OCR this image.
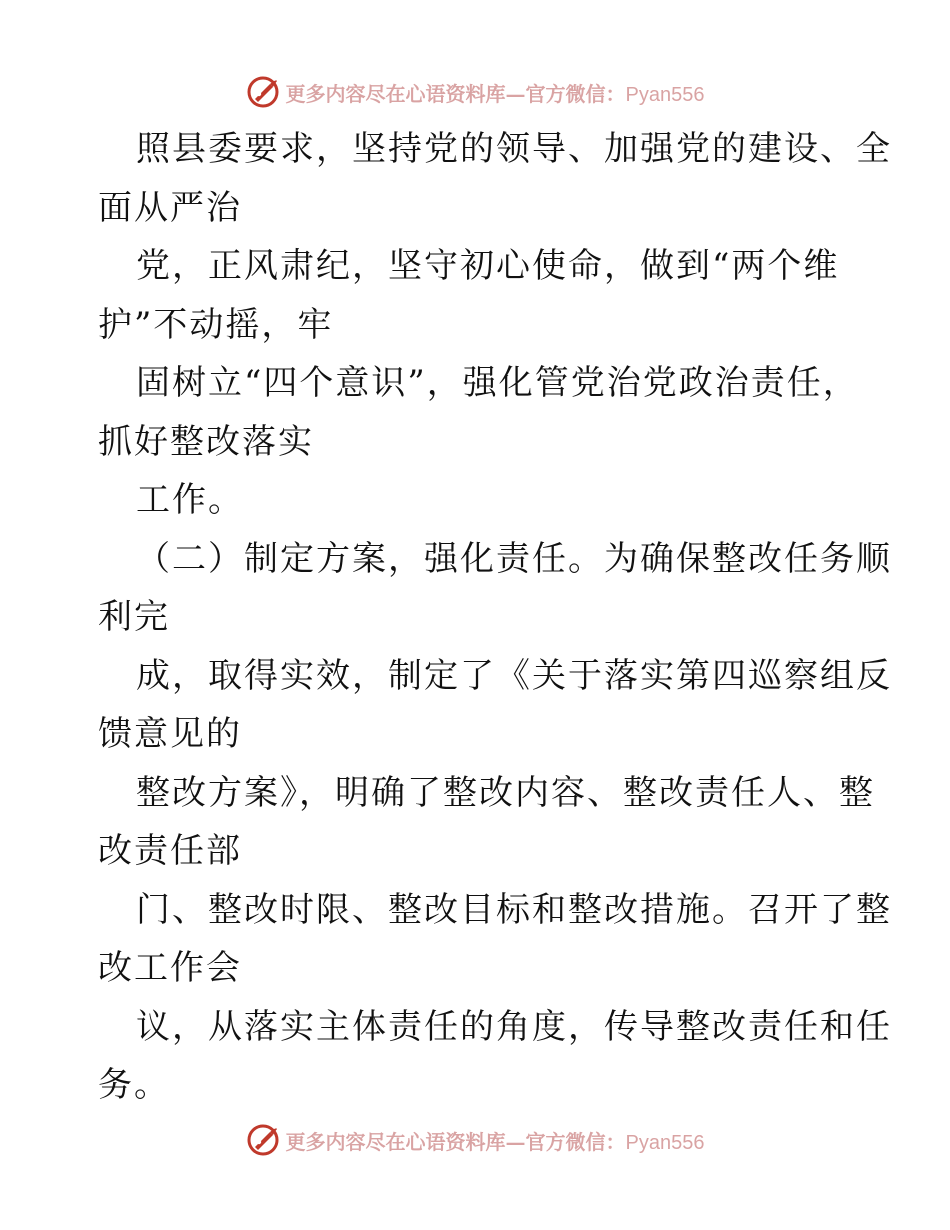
更多内容尽在心语资料库—官方微信：Pyan556
照县委要求，坚持党的领导、加强党的建设、全
面从严治
党，正风肃纪，坚守初心使命，做到“两个维
护”不动摇，牢
固树立“四个意识”，强化管党治党政治责任，
抓好整改落实
工作。
（二）制定方案，强化责任。为确保整改任务顺
利完
成，取得实效，制定了《关于落实第四巡察组反
馈意见的
整改方案》，明确了整改内容、整改责任人、整
改责任部
门、整改时限、整改目标和整改措施。召开了整
改工作会
议，从落实主体责任的角度，传导整改责任和任
务。
更多内容尽在心语资料库—官方微信：Pyan556
